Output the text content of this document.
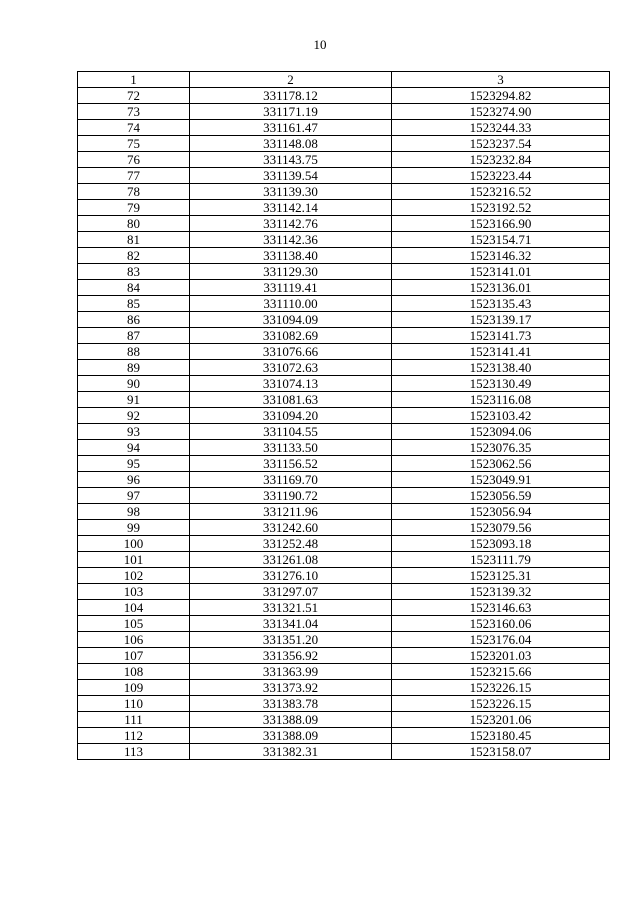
10
1	2	3
72	331178.12	1523294.82
73	331171.19	1523274.90
74	331161.47	1523244.33
75	331148.08	1523237.54
76	331143.75	1523232.84
77	331139.54	1523223.44
78	331139.30	1523216.52
79	331142.14	1523192.52
80	331142.76	1523166.90
81	331142.36	1523154.71
82	331138.40	1523146.32
83	331129.30	1523141.01
84	331119.41	1523136.01
85	331110.00	1523135.43
86	331094.09	1523139.17
87	331082.69	1523141.73
88	331076.66	1523141.41
89	331072.63	1523138.40
90	331074.13	1523130.49
91	331081.63	1523116.08
92	331094.20	1523103.42
93	331104.55	1523094.06
94	331133.50	1523076.35
95	331156.52	1523062.56
96	331169.70	1523049.91
97	331190.72	1523056.59
98	331211.96	1523056.94
99	331242.60	1523079.56
100	331252.48	1523093.18
101	331261.08	1523111.79
102	331276.10	1523125.31
103	331297.07	1523139.32
104	331321.51	1523146.63
105	331341.04	1523160.06
106	331351.20	1523176.04
107	331356.92	1523201.03
108	331363.99	1523215.66
109	331373.92	1523226.15
110	331383.78	1523226.15
111	331388.09	1523201.06
112	331388.09	1523180.45
113	331382.31	1523158.07
